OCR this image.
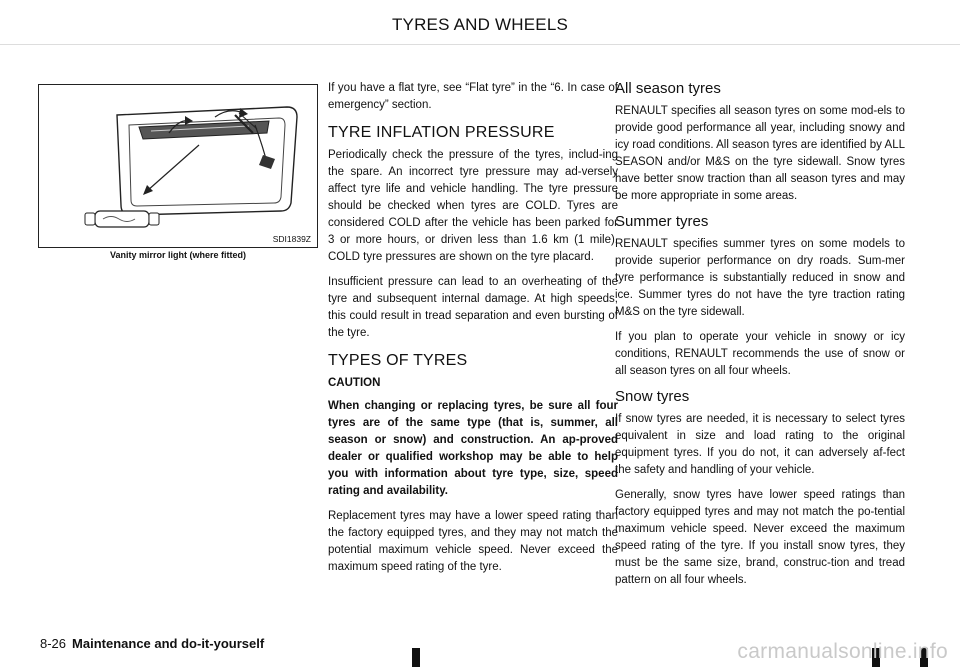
TYRES AND WHEELS
SDI1839Z
Vanity mirror light (where fitted)

If you have a flat tyre, see “Flat tyre” in the “6. In case of emergency” section.

TYRE INFLATION PRESSURE

Periodically check the pressure of the tyres, includ-ing the spare. An incorrect tyre pressure may ad-versely affect tyre life and vehicle handling. The tyre pressure should be checked when tyres are COLD. Tyres are considered COLD after the vehicle has been parked for 3 or more hours, or driven less than 1.6 km (1 mile). COLD tyre pressures are shown on the tyre placard.

Insufficient pressure can lead to an overheating of the tyre and subsequent internal damage. At high speeds, this could result in tread separation and even bursting of the tyre.

TYPES OF TYRES

CAUTION

When changing or replacing tyres, be sure all four tyres are of the same type (that is, summer, all season or snow) and construction. An ap-proved dealer or qualified workshop may be able to help you with information about tyre type, size, speed rating and availability.

Replacement tyres may have a lower speed rating than the factory equipped tyres, and they may not match the potential maximum vehicle speed. Never exceed the maximum speed rating of the tyre.

All season tyres

RENAULT specifies all season tyres on some mod-els to provide good performance all year, including snowy and icy road conditions. All season tyres are identified by ALL SEASON and/or M&S on the tyre sidewall. Snow tyres have better snow traction than all season tyres and may be more appropriate in some areas.

Summer tyres

RENAULT specifies summer tyres on some models to provide superior performance on dry roads. Sum-mer tyre performance is substantially reduced in snow and ice. Summer tyres do not have the tyre traction rating M&S on the tyre sidewall.

If you plan to operate your vehicle in snowy or icy conditions, RENAULT recommends the use of snow or all season tyres on all four wheels.

Snow tyres

If snow tyres are needed, it is necessary to select tyres equivalent in size and load rating to the original equipment tyres. If you do not, it can adversely af-fect the safety and handling of your vehicle.

Generally, snow tyres have lower speed ratings than factory equipped tyres and may not match the po-tential maximum vehicle speed. Never exceed the maximum speed rating of the tyre. If you install snow tyres, they must be the same size, brand, construc-tion and tread pattern on all four wheels.

8-26 Maintenance and do-it-yourself	carmanualsonline.info
